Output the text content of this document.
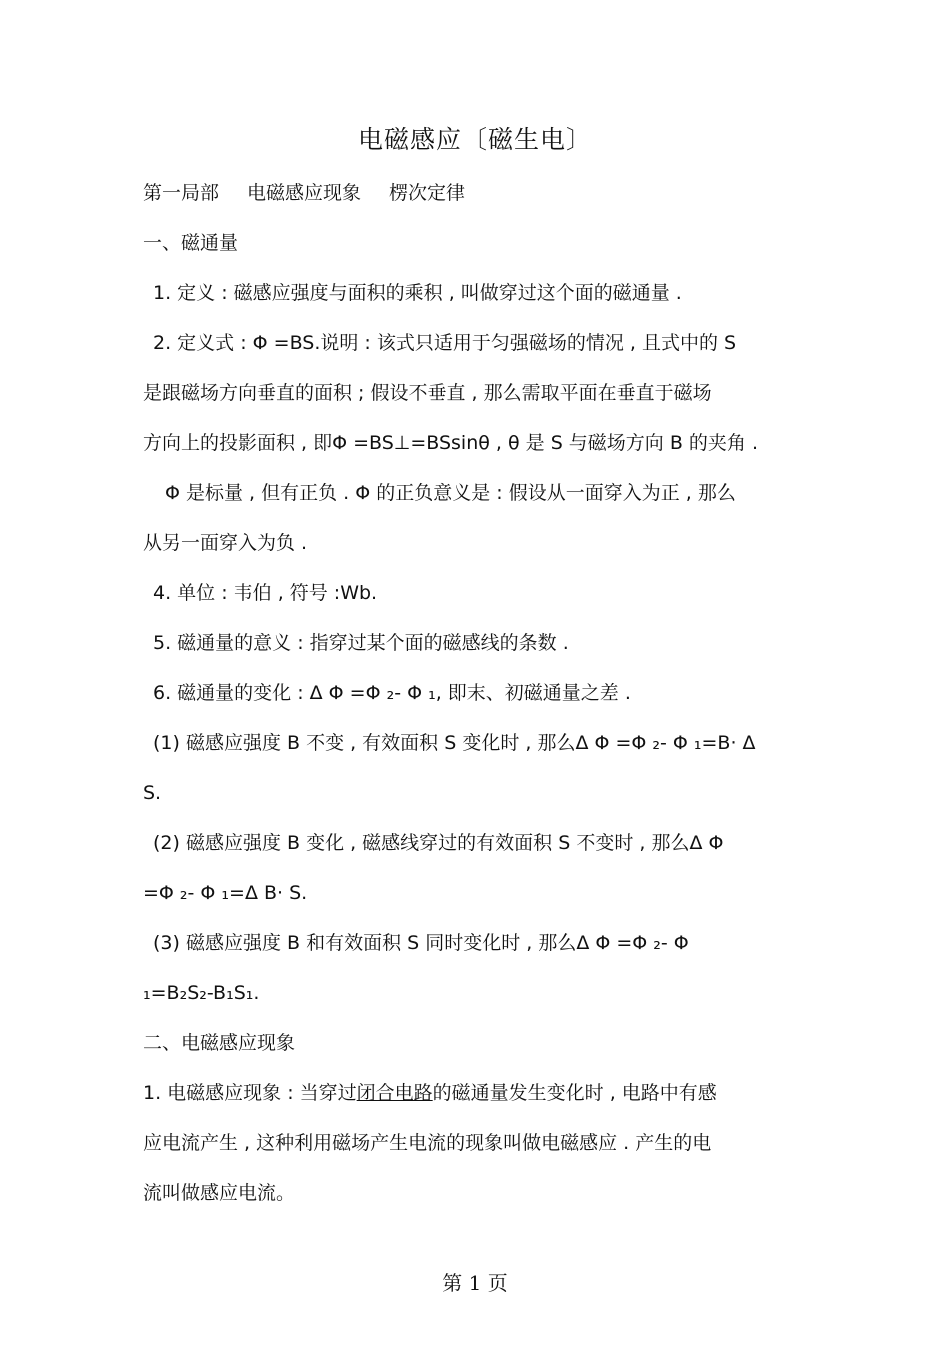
电磁感应〔磁生电〕
第一局部 电磁感应现象 楞次定律
一、磁通量
1. 定义 : 磁感应强度与面积的乘积 , 叫做穿过这个面的磁通量 .
2. 定义式 : Φ =BS.说明 : 该式只适用于匀强磁场的情况 , 且式中的 S
是跟磁场方向垂直的面积 ; 假设不垂直 , 那么需取平面在垂直于磁场
方向上的投影面积 , 即Φ =BS⊥=BSsinθ , θ 是 S 与磁场方向 B 的夹角 .
Φ 是标量 , 但有正负 . Φ 的正负意义是 : 假设从一面穿入为正 , 那么
从另一面穿入为负 .
4. 单位 : 韦伯 , 符号 :Wb.
5. 磁通量的意义 : 指穿过某个面的磁感线的条数 .
6. 磁通量的变化 : Δ Φ =Φ ₂- Φ ₁, 即末、初磁通量之差 .
(1) 磁感应强度 B 不变 , 有效面积 S 变化时 , 那么Δ Φ =Φ ₂- Φ ₁=B· Δ
S.
(2) 磁感应强度 B 变化 , 磁感线穿过的有效面积 S 不变时 , 那么Δ Φ
=Φ ₂- Φ ₁=Δ B· S.
(3) 磁感应强度 B 和有效面积 S 同时变化时 , 那么Δ Φ =Φ ₂- Φ
₁=B₂S₂-B₁S₁.
二、电磁感应现象
1. 电磁感应现象 : 当穿过闭合电路的磁通量发生变化时 , 电路中有感
应电流产生 , 这种利用磁场产生电流的现象叫做电磁感应 . 产生的电
流叫做感应电流。
第 1 页
